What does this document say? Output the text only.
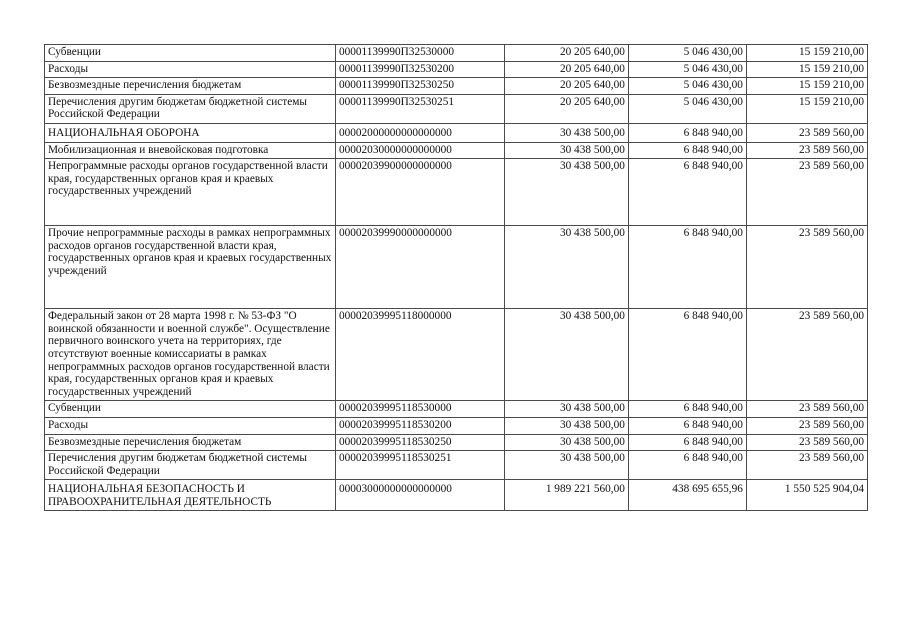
Субвенции	00001139990П32530000	20 205 640,00	5 046 430,00	15 159 210,00
Расходы	00001139990П32530200	20 205 640,00	5 046 430,00	15 159 210,00
Безвозмездные перечисления бюджетам	00001139990П32530250	20 205 640,00	5 046 430,00	15 159 210,00
Перечисления другим бюджетам бюджетной системы Российской Федерации	00001139990П32530251	20 205 640,00	5 046 430,00	15 159 210,00
НАЦИОНАЛЬНАЯ ОБОРОНА	00002000000000000000	30 438 500,00	6 848 940,00	23 589 560,00
Мобилизационная и вневойсковая подготовка	00002030000000000000	30 438 500,00	6 848 940,00	23 589 560,00
Непрограммные расходы органов государственной власти края, государственных органов края и краевых государственных учреждений	00002039900000000000	30 438 500,00	6 848 940,00	23 589 560,00
Прочие непрограммные расходы в рамках непрограммных расходов органов государственной власти края, государственных органов края и краевых государственных учреждений	00002039990000000000	30 438 500,00	6 848 940,00	23 589 560,00
Федеральный закон от 28 марта 1998 г. № 53-ФЗ "О воинской обязанности и военной службе". Осуществление первичного воинского учета на территориях, где отсутствуют военные комиссариаты в рамках непрограммных расходов органов государственной власти края, государственных органов края и краевых государственных учреждений	00002039995118000000	30 438 500,00	6 848 940,00	23 589 560,00
Субвенции	00002039995118530000	30 438 500,00	6 848 940,00	23 589 560,00
Расходы	00002039995118530200	30 438 500,00	6 848 940,00	23 589 560,00
Безвозмездные перечисления бюджетам	00002039995118530250	30 438 500,00	6 848 940,00	23 589 560,00
Перечисления другим бюджетам бюджетной системы Российской Федерации	00002039995118530251	30 438 500,00	6 848 940,00	23 589 560,00
НАЦИОНАЛЬНАЯ БЕЗОПАСНОСТЬ И ПРАВООХРАНИТЕЛЬНАЯ ДЕЯТЕЛЬНОСТЬ	00003000000000000000	1 989 221 560,00	438 695 655,96	1 550 525 904,04
